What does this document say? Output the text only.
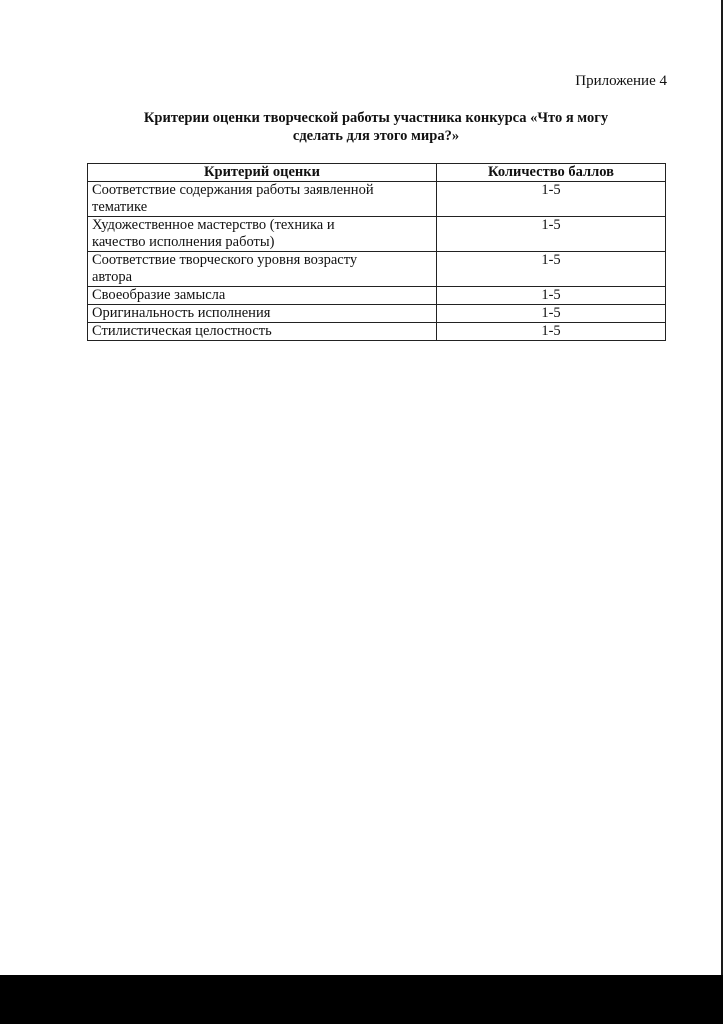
Приложение 4
Критерии оценки творческой работы участника конкурса «Что я могу
сделать для этого мира?»
Критерий оценки	Количество баллов

Соответствие содержания работы заявленной
тематике	1-5

Художественное мастерство (техника и
качество исполнения работы)	1-5

Соответствие творческого уровня возрасту
автора	1-5
Своеобразие замысла	1-5
Оригинальность исполнения	1-5
Стилистическая целостность	1-5
